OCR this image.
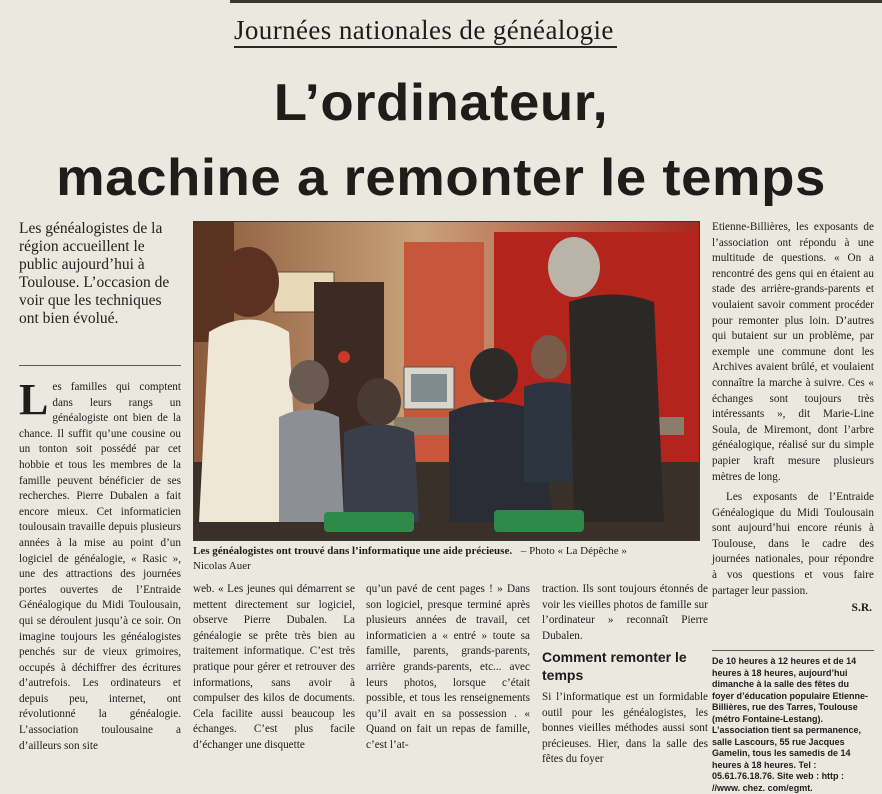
Journées nationales de généalogie
L’ordinateur,
machine a remonter le temps
Les généalogistes de la région accueillent le public aujourd’hui à Toulouse. L’occasion de voir que les techniques ont bien évolué.
Les familles qui comptent dans leurs rangs un généalogiste ont bien de la chance. Il suffit qu’une cousine ou un tonton soit possédé par cet hobbie et tous les membres de la famille peuvent bénéficier de ses recherches. Pierre Dubalen a fait encore mieux. Cet informaticien toulousain travaille depuis plusieurs années à la mise au point d’un logiciel de généalogie, « Rasic », une des attractions des journées portes ouvertes de l’Entraide Généalogique du Midi Toulousain, qui se déroulent jusqu’à ce soir. On imagine toujours les généalogistes penchés sur de vieux grimoires, occupés à déchiffrer des écritures d’autrefois. Les ordinateurs et depuis peu, internet, ont révolutionné la généalogie. L’association toulousaine a d’ailleurs son site
Les généalogistes ont trouvé dans l’informatique une aide précieuse. – Photo « La Dépêche »
Nicolas Auer
web. « Les jeunes qui démarrent se mettent directement sur logiciel, observe Pierre Dubalen. La généalogie se prête très bien au traitement informatique. C’est très pratique pour gérer et retrouver des informations, sans avoir à compulser des kilos de documents. Cela facilite aussi beaucoup les échanges. C’est plus facile d’échanger une disquette
qu’un pavé de cent pages ! » Dans son logiciel, presque terminé après plusieurs années de travail, cet informaticien a « entré » toute sa famille, parents, grands-parents, arrière grands-parents, etc... avec leurs photos, lorsque c’était possible, et tous les renseignements qu’il avait en sa possession . « Quand on fait un repas de famille, c’est l’at-
traction. Ils sont toujours étonnés de voir les vieilles photos de famille sur l’ordinateur » reconnaît Pierre Dubalen.
Comment remonter le temps
Si l’informatique est un formidable outil pour les généalogistes, les bonnes vieilles méthodes aussi sont précieuses. Hier, dans la salle des fêtes du foyer
Etienne-Billières, les exposants de l’association ont répondu à une multitude de questions. « On a rencontré des gens qui en étaient au stade des arrière-grands-parents et voulaient savoir comment procéder pour remonter plus loin. D’autres qui butaient sur un problème, par exemple une commune dont les Archives avaient brûlé, et voulaient connaître la marche à suivre. Ces « échanges sont toujours très intéressants », dit Marie-Line Soula, de Miremont, dont l’arbre généalogique, réalisé sur du simple papier kraft mesure plusieurs mètres de long.
Les exposants de l’Entraide Généalogique du Midi Toulousain sont aujourd’hui encore réunis à Toulouse, dans le cadre des journées nationales, pour répondre à vos questions et vous faire partager leur passion.
S.R.
De 10 heures à 12 heures et de 14 heures à 18 heures, aujourd’hui dimanche à la salle des fêtes du foyer d’éducation populaire Etienne-Billières, rue des Tarres, Toulouse (métro Fontaine-Lestang). L’association tient sa permanence, salle Lascours, 55 rue Jacques Gamelin, tous les samedis de 14 heures à 18 heures. Tel : 05.61.76.18.76. Site web : http : //www. chez. com/egmt.
